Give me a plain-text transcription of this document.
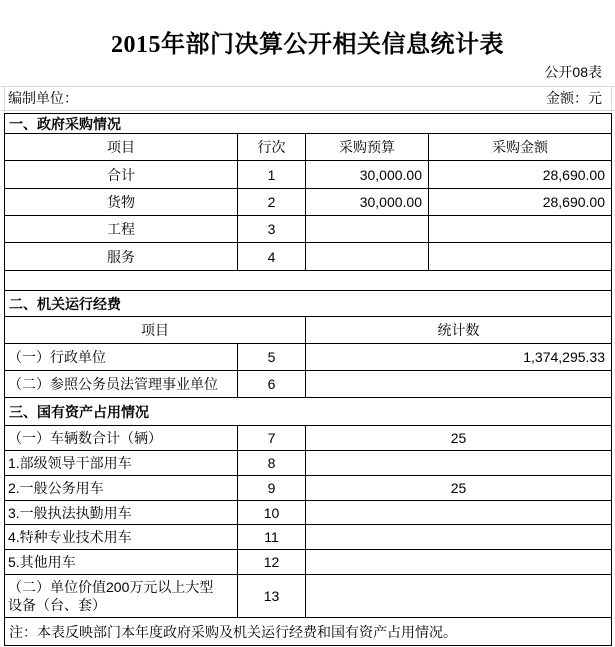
2015年部门决算公开相关信息统计表
公开08表
编制单位：	金额：元
一、政府采购情况			
项目	行次	采购预算	采购金额
合计	1	30,000.00	28,690.00
货物	2	30,000.00	28,690.00
工程	3		
服务	4		

二、机关运行经费			
项目		统计数	
（一）行政单位	5	1,374,295.33	
（二）参照公务员法管理事业单位	6		
三、国有资产占用情况			
（一）车辆数合计（辆）	7	25	
1.部级领导干部用车	8		
2.一般公务用车	9	25	
3.一般执法执勤用车	10		
4.特种专业技术用车	11		
5.其他用车	12		
（二）单位价值200万元以上大型
设备（台、套）	13		
注：本表反映部门本年度政府采购及机关运行经费和国有资产占用情况。			
